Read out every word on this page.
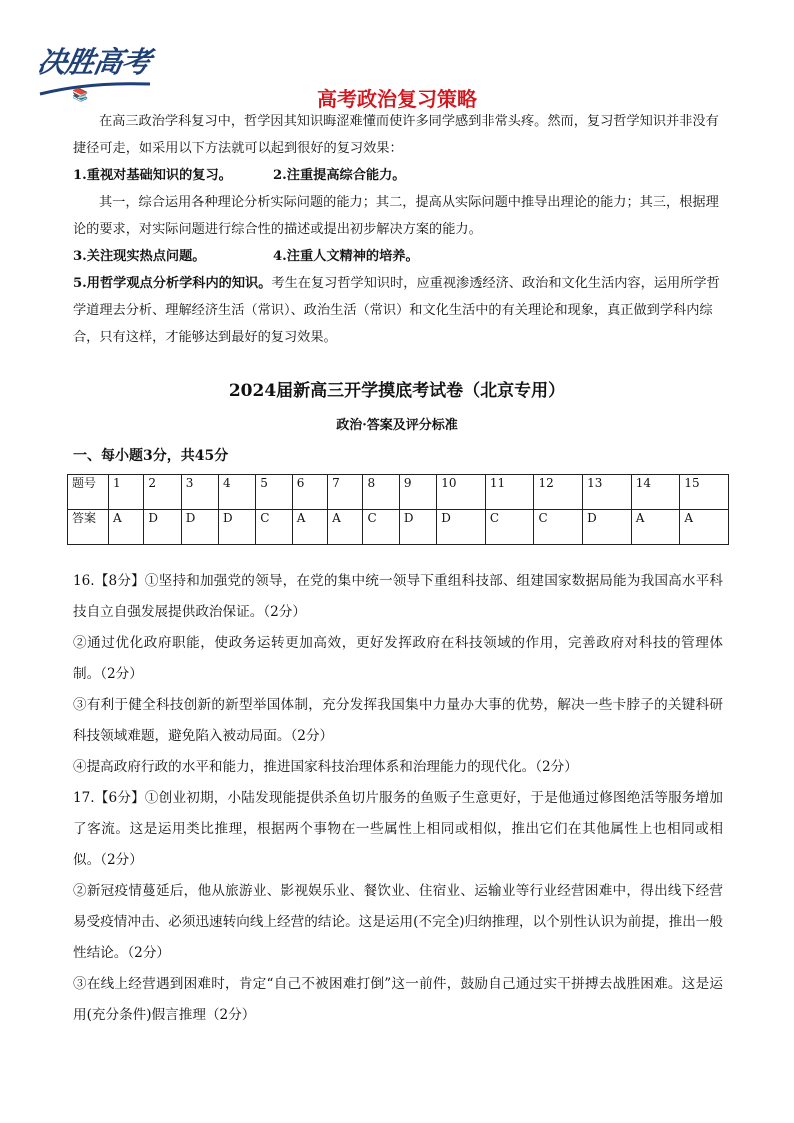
决胜高考
📚	高考政治复习策略

在高三政治学科复习中，哲学因其知识晦涩难懂而使许多同学感到非常头疼。然而，复习哲学知识并非没有捷径可走，如采用以下方法就可以起到很好的复习效果：

1.重视对基础知识的复习。	2.注重提高综合能力。

其一，综合运用各种理论分析实际问题的能力；其二，提高从实际问题中推导出理论的能力；其三，根据理论的要求，对实际问题进行综合性的描述或提出初步解决方案的能力。

3.关注现实热点问题。	4.注重人文精神的培养。

5.用哲学观点分析学科内的知识。考生在复习哲学知识时，应重视渗透经济、政治和文化生活内容，运用所学哲学道理去分析、理解经济生活（常识）、政治生活（常识）和文化生活中的有关理论和现象，真正做到学科内综合，只有这样，才能够达到最好的复习效果。

2024届新高三开学摸底考试卷（北京专用）
政治·答案及评分标准
一、每小题3分，共45分
题号	1	2	3	4	5	6	7	8	9	10	11	12	13	14	15
答案	A	D	D	D	C	A	A	C	D	D	C	C	D	A	A

16.【8分】①坚持和加强党的领导，在党的集中统一领导下重组科技部、组建国家数据局能为我国高水平科技自立自强发展提供政治保证。（2分）

②通过优化政府职能，使政务运转更加高效，更好发挥政府在科技领域的作用，完善政府对科技的管理体制。（2分）

③有利于健全科技创新的新型举国体制，充分发挥我国集中力量办大事的优势，解决一些卡脖子的关键科研科技领域难题，避免陷入被动局面。（2分）

④提高政府行政的水平和能力，推进国家科技治理体系和治理能力的现代化。（2分）

17.【6分】①创业初期，小陆发现能提供杀鱼切片服务的鱼贩子生意更好，于是他通过修图绝活等服务增加了客流。这是运用类比推理，根据两个事物在一些属性上相同或相似，推出它们在其他属性上也相同或相似。（2分）

②新冠疫情蔓延后，他从旅游业、影视娱乐业、餐饮业、住宿业、运输业等行业经营困难中，得出线下经营易受疫情冲击、必须迅速转向线上经营的结论。这是运用(不完全)归纳推理，以个别性认识为前提，推出一般性结论。（2分）

③在线上经营遇到困难时，肯定“自己不被困难打倒”这一前件，鼓励自己通过实干拼搏去战胜困难。这是运用(充分条件)假言推理（2分）
